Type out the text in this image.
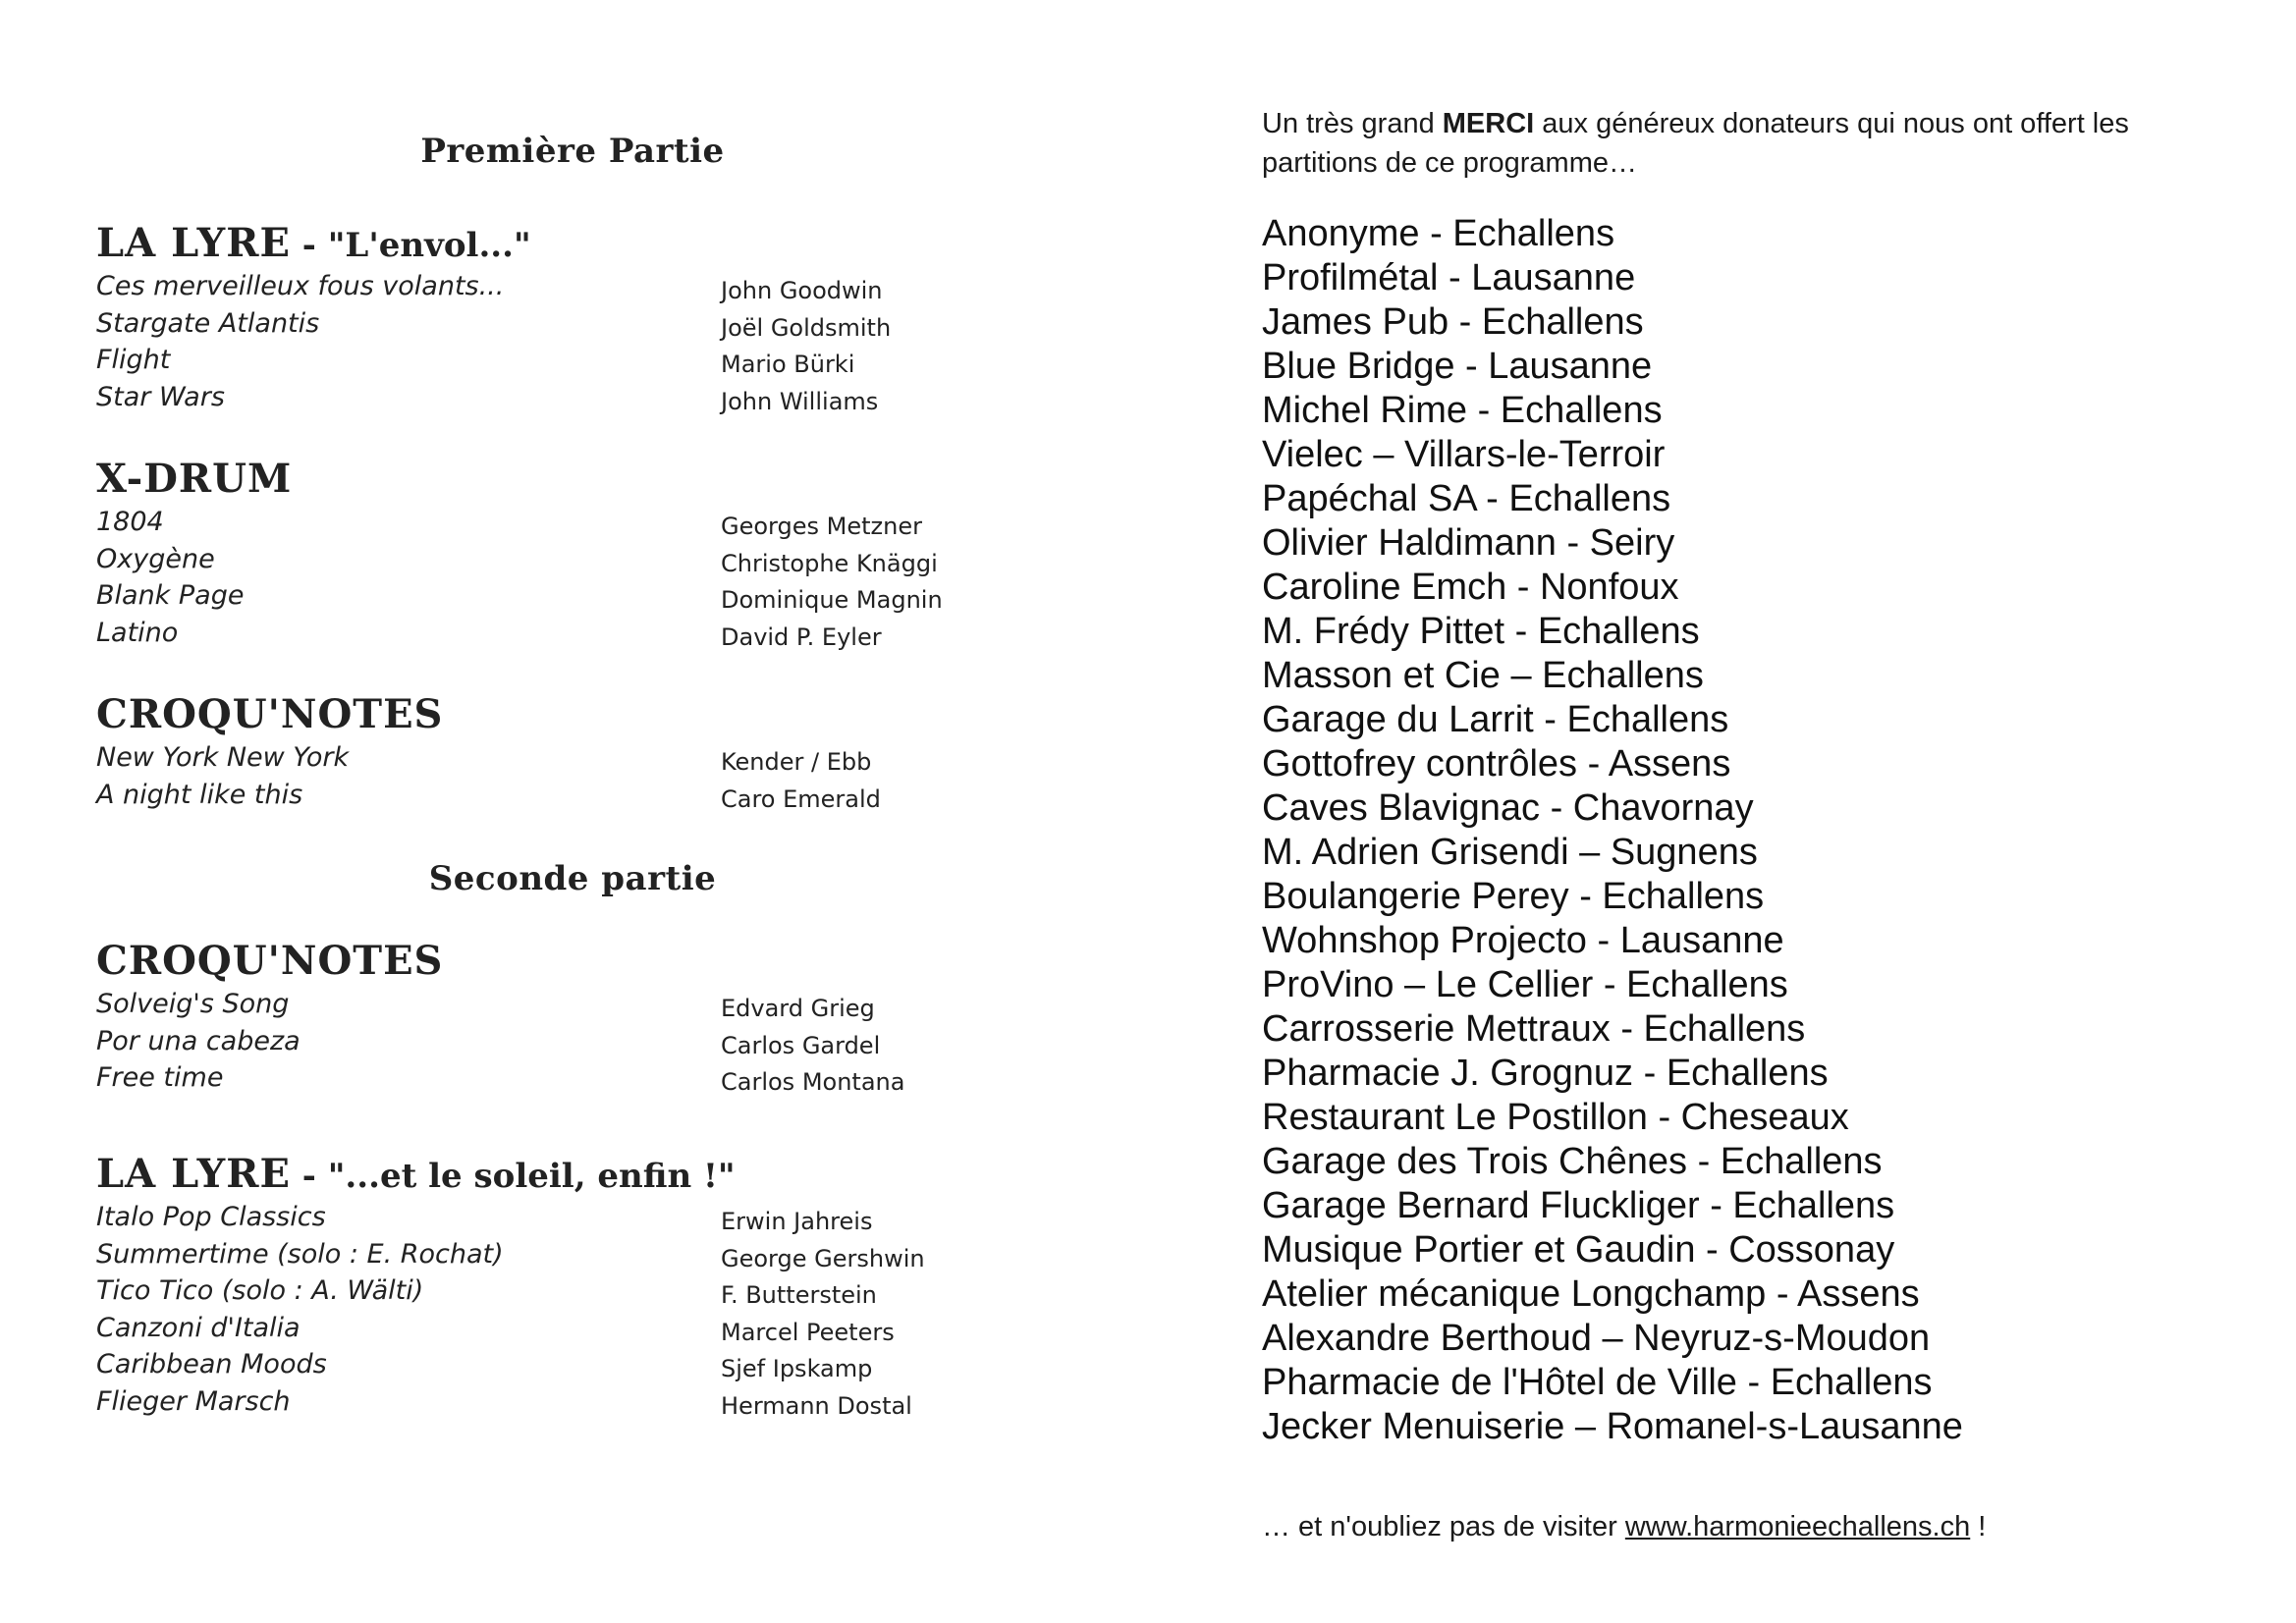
Première Partie
LA LYRE - "L'envol..."
Ces merveilleux fous volants...	John Goodwin
Stargate Atlantis	Joël Goldsmith
Flight	Mario Bürki
Star Wars	John Williams
X-DRUM
1804	Georges Metzner
Oxygène	Christophe Knäggi
Blank Page	Dominique Magnin
Latino	David P. Eyler
CROQU'NOTES
New York New York	Kender / Ebb
A night like this	Caro Emerald
Seconde partie
CROQU'NOTES
Solveig's Song	Edvard Grieg
Por una cabeza	Carlos Gardel
Free time	Carlos Montana
LA LYRE - "...et le soleil, enfin !"
Italo Pop Classics	Erwin Jahreis
Summertime (solo : E. Rochat)	George Gershwin
Tico Tico (solo : A. Wälti)	F. Butterstein
Canzoni d'Italia	Marcel Peeters
Caribbean Moods	Sjef Ipskamp
Flieger Marsch	Hermann Dostal
Un très grand MERCI aux généreux donateurs qui nous ont offert les partitions de ce programme…
Anonyme - Echallens
Profilmétal - Lausanne
James Pub - Echallens
Blue Bridge - Lausanne
Michel Rime - Echallens
Vielec – Villars-le-Terroir
Papéchal SA - Echallens
Olivier Haldimann - Seiry
Caroline Emch - Nonfoux
M. Frédy Pittet - Echallens
Masson et Cie – Echallens
Garage du Larrit - Echallens
Gottofrey contrôles - Assens
Caves Blavignac - Chavornay
M. Adrien Grisendi – Sugnens
Boulangerie Perey - Echallens
Wohnshop Projecto - Lausanne
ProVino – Le Cellier - Echallens
Carrosserie Mettraux - Echallens
Pharmacie J. Grognuz - Echallens
Restaurant Le Postillon - Cheseaux
Garage des Trois Chênes - Echallens
Garage Bernard Fluckliger - Echallens
Musique Portier et Gaudin - Cossonay
Atelier mécanique Longchamp - Assens
Alexandre Berthoud – Neyruz-s-Moudon
Pharmacie de l'Hôtel de Ville - Echallens
Jecker Menuiserie – Romanel-s-Lausanne
… et n'oubliez pas de visiter www.harmonieechallens.ch !
